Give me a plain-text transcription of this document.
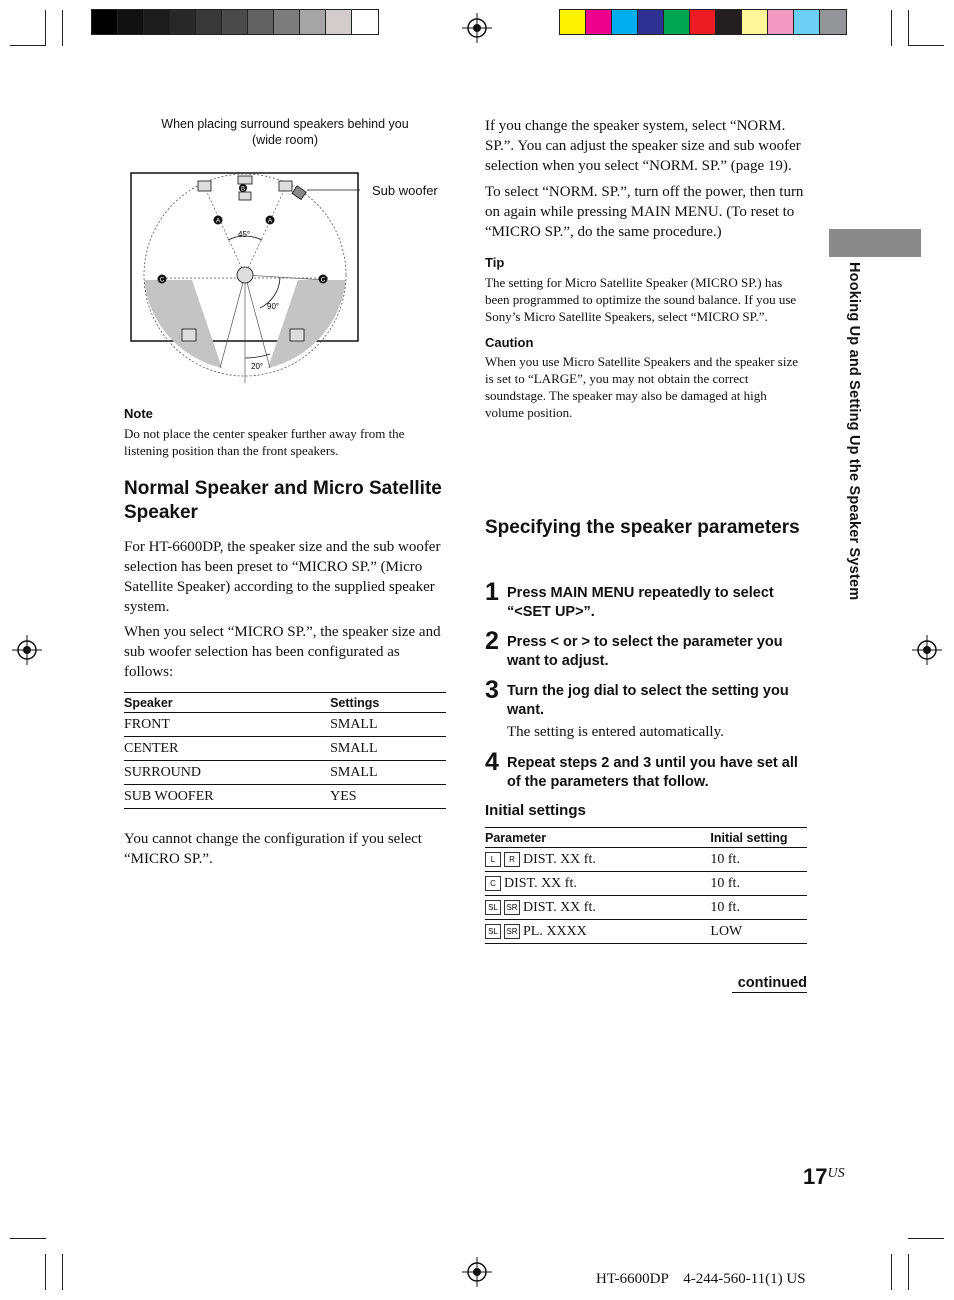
When placing surround speakers behind you
(wide room)
A	A
B
C	C
45°
90°
20°
Sub woofer
Note
Do not place the center speaker further away from the listening position than the front speakers.
Normal Speaker and Micro Satellite Speaker

For HT-6600DP, the speaker size and the sub woofer selection has been preset to “MICRO SP.” (Micro Satellite Speaker) according to the supplied speaker system.

When you select “MICRO SP.”, the speaker size and sub woofer selection has been configurated as follows:

Speaker	Settings
FRONT	SMALL
CENTER	SMALL
SURROUND	SMALL
SUB WOOFER	YES

You cannot change the configuration if you select “MICRO SP.”.

If you change the speaker system, select “NORM. SP.”. You can adjust the speaker size and sub woofer selection when you select “NORM. SP.” (page 19).

To select “NORM. SP.”, turn off the power, then turn on again while pressing MAIN MENU. (To reset to “MICRO SP.”, do the same procedure.)

Tip
The setting for Micro Satellite Speaker (MICRO SP.) has been programmed to optimize the sound balance. If you use Sony’s Micro Satellite Speakers, select “MICRO SP.”.
Caution
When you use Micro Satellite Speakers and the speaker size is set to “LARGE”, you may not obtain the correct soundstage. The speaker may also be damaged at high volume position.
Specifying the speaker parameters
1 Press MAIN MENU repeatedly to select “<SET UP>”.
2 Press < or > to select the parameter you want to adjust.
3 Turn the jog dial to select the setting you want.
The setting is entered automatically.
4 Repeat steps 2 and 3 until you have set all of the parameters that follow.
Initial settings
Parameter	Initial setting
L R DIST. XX ft.	10 ft.
C DIST. XX ft.	10 ft.
SL SR DIST. XX ft.	10 ft.
SL SR PL. XXXX	LOW
continued
Hooking Up and Setting Up the Speaker System
17US
HT-6600DP    4-244-560-11(1) US
